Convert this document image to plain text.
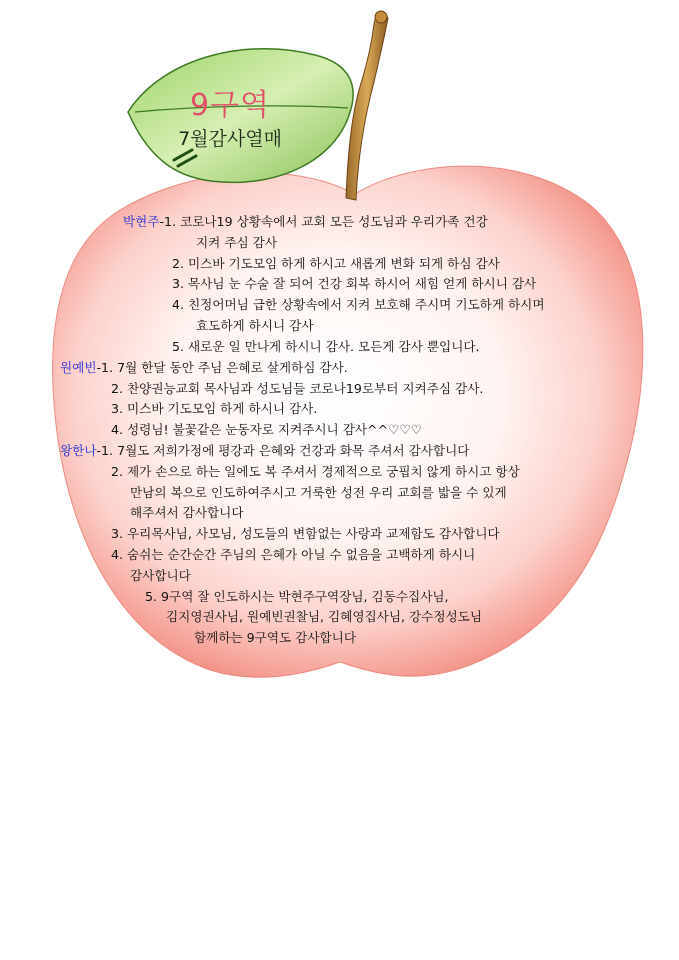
9구역
7월감사열매
박현주-1. 코로나19 상황속에서 교회 모든 성도님과 우리가족 건강
지켜 주심 감사
2. 미스바 기도모임 하게 하시고 새롭게 변화 되게 하심 감사
3. 목사님 눈 수술 잘 되어 건강 회복 하시어 새힘 얻게 하시니 감사
4. 친정어머님 급한 상황속에서 지켜 보호해 주시며 기도하게 하시며
효도하게 하시니 감사
5. 새로운 일 만나게 하시니 감사. 모든게 감사 뿐입니다.
원예빈-1. 7월 한달 동안 주님 은혜로 살게하심 감사.
2. 찬양권능교회 목사님과 성도님들 코로나19로부터 지켜주심 감사.
3. 미스바 기도모임 하게 하시니 감사.
4. 성령님! 불꽃같은 눈동자로 지켜주시니 감사^^♡♡♡
왕한나-1. 7월도 저희가정에 평강과 은혜와 건강과 화목 주셔서 감사합니다
2. 제가 손으로 하는 일에도 복 주셔서 경제적으로 궁핍치 않게 하시고 항상
만남의 복으로 인도하여주시고 거룩한 성전 우리 교회를 밟을 수 있게
해주셔서 감사합니다
3. 우리목사님, 사모님, 성도들의 변함없는 사랑과 교제함도 감사합니다
4. 숨쉬는 순간순간 주님의 은혜가 아닐 수 없음을 고백하게 하시니
감사합니다
5. 9구역 잘 인도하시는 박현주구역장님, 김동수집사님,
김지영권사님, 원예빈권찰님, 김혜영집사님, 강수정성도님
함께하는 9구역도 감사합니다
